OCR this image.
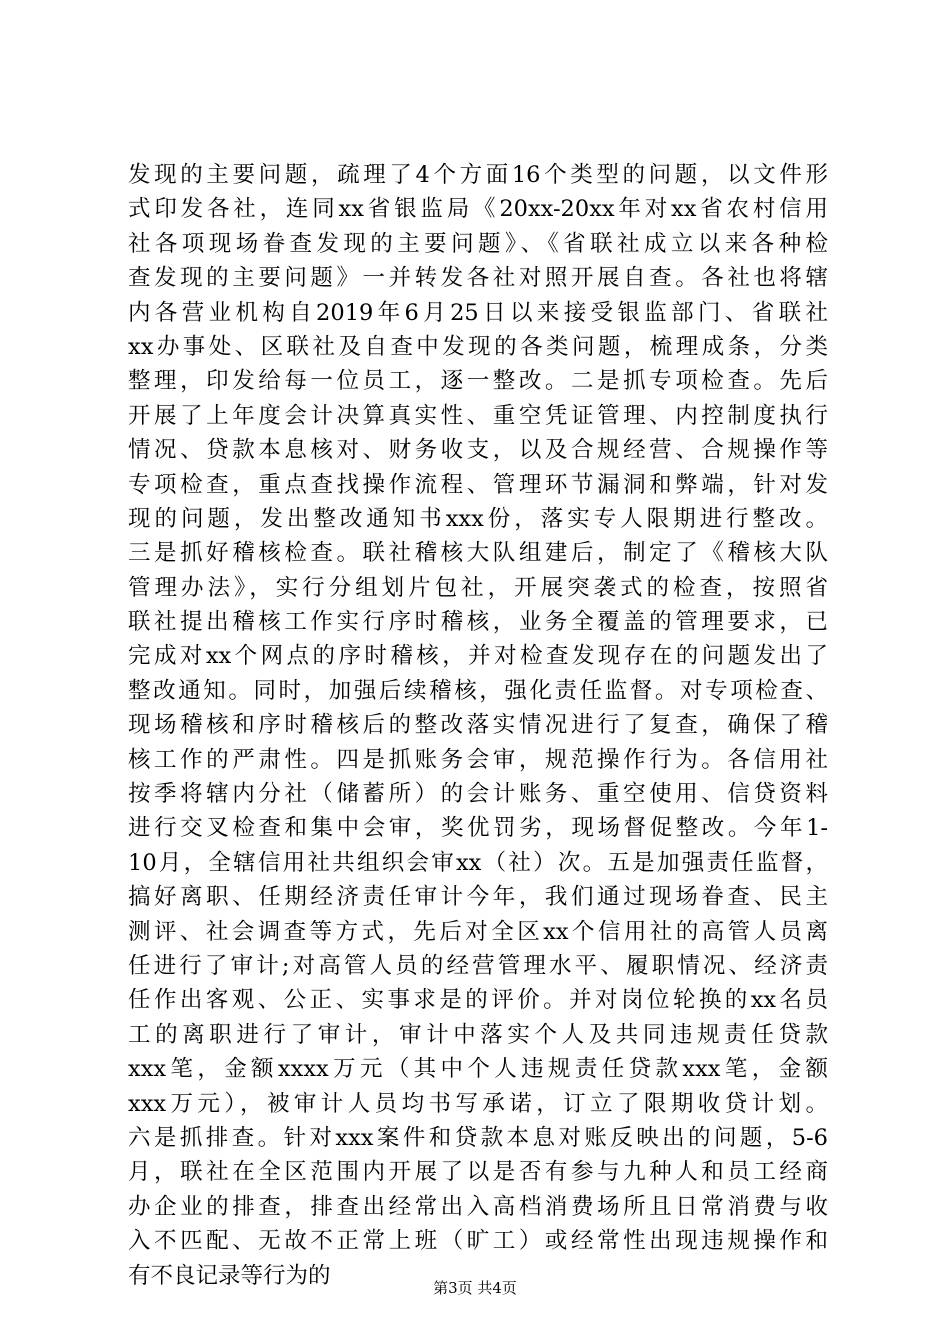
发现的主要问题，疏理了4个方面16个类型的问题，以文件形
式印发各社，连同xx省银监局《20xx-20xx年对xx省农村信用
社各项现场眷查发现的主要问题》、《省联社成立以来各种检
查发现的主要问题》一并转发各社对照开展自查。各社也将辖
内各营业机构自2019年6月25日以来接受银监部门、省联社
xx办事处、区联社及自查中发现的各类问题，梳理成条，分类
整理，印发给每一位员工，逐一整改。二是抓专项检查。先后
开展了上年度会计决算真实性、重空凭证管理、内控制度执行
情况、贷款本息核对、财务收支，以及合规经营、合规操作等
专项检查，重点查找操作流程、管理环节漏洞和弊端，针对发
现的问题，发出整改通知书xxx份，落实专人限期进行整改。
三是抓好稽核检查。联社稽核大队组建后，制定了《稽核大队
管理办法》，实行分组划片包社，开展突袭式的检查，按照省
联社提出稽核工作实行序时稽核，业务全覆盖的管理要求，已
完成对xx个网点的序时稽核，并对检查发现存在的问题发出了
整改通知。同时，加强后续稽核，强化责任监督。对专项检查、
现场稽核和序时稽核后的整改落实情况进行了复查，确保了稽
核工作的严肃性。四是抓账务会审，规范操作行为。各信用社
按季将辖内分社（储蓄所）的会计账务、重空使用、信贷资料
进行交叉检查和集中会审，奖优罚劣，现场督促整改。今年1-
10月，全辖信用社共组织会审xx（社）次。五是加强责任监督，
搞好离职、任期经济责任审计今年，我们通过现场眷查、民主
测评、社会调查等方式，先后对全区xx个信用社的高管人员离
任进行了审计;对高管人员的经营管理水平、履职情况、经济责
任作出客观、公正、实事求是的评价。并对岗位轮换的xx名员
工的离职进行了审计，审计中落实个人及共同违规责任贷款
xxx笔，金额xxxx万元（其中个人违规责任贷款xxx笔，金额
xxx万元），被审计人员均书写承诺，订立了限期收贷计划。
六是抓排查。针对xxx案件和贷款本息对账反映出的问题，5-6
月，联社在全区范围内开展了以是否有参与九种人和员工经商
办企业的排查，排查出经常出入高档消费场所且日常消费与收
入不匹配、无故不正常上班（旷工）或经常性出现违规操作和
有不良记录等行为的	第3页 共4页
